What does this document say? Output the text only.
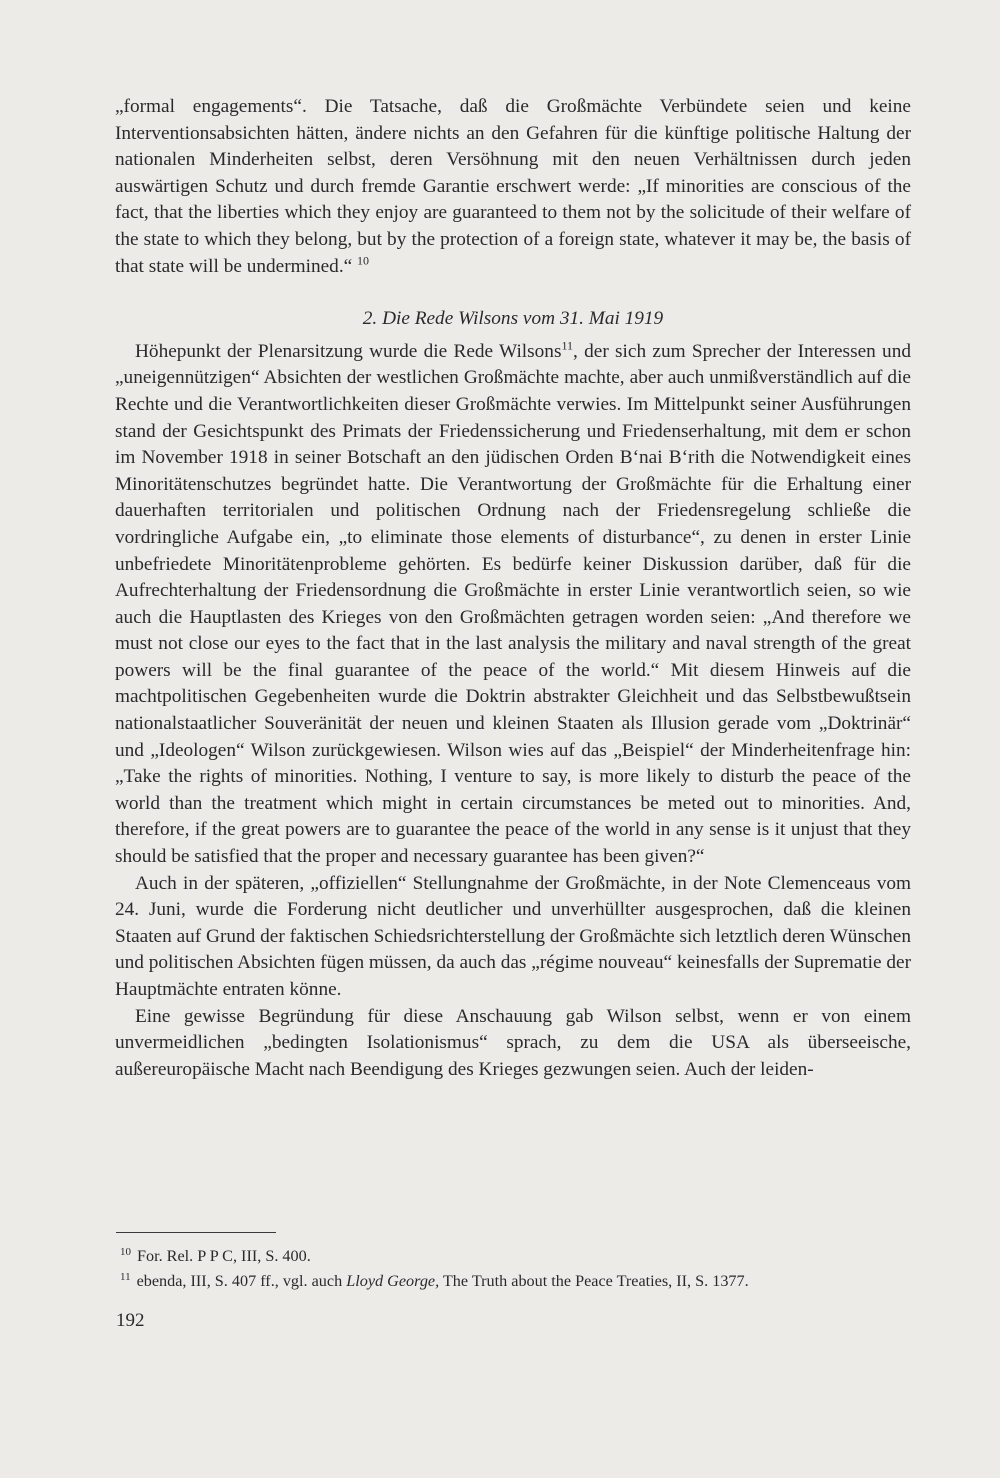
„formal engagements“. Die Tatsache, daß die Großmächte Verbündete seien und keine Interventionsabsichten hätten, ändere nichts an den Gefahren für die künftige politische Haltung der nationalen Minderheiten selbst, deren Versöhnung mit den neuen Verhältnissen durch jeden auswärtigen Schutz und durch fremde Garantie erschwert werde: „If minorities are conscious of the fact, that the liberties which they enjoy are guaranteed to them not by the solicitude of their welfare of the state to which they belong, but by the protection of a foreign state, whatever it may be, the basis of that state will be undermined.“ $^{10}$

2. Die Rede Wilsons vom 31. Mai 1919

Höhepunkt der Plenarsitzung wurde die Rede Wilsons$^{11}$, der sich zum Sprecher der Interessen und „uneigennützigen“ Absichten der westlichen Großmächte machte, aber auch unmißverständlich auf die Rechte und die Verantwortlichkeiten dieser Großmächte verwies. Im Mittelpunkt seiner Ausführungen stand der Gesichtspunkt des Primats der Friedenssicherung und Friedenserhaltung, mit dem er schon im November 1918 in seiner Botschaft an den jüdischen Orden B‘nai B‘rith die Notwendigkeit eines Minoritätenschutzes begründet hatte. Die Verantwortung der Großmächte für die Erhaltung einer dauerhaften territorialen und politischen Ordnung nach der Friedensregelung schließe die vordringliche Aufgabe ein, „to eliminate those elements of disturbance“, zu denen in erster Linie unbefriedete Minoritätenprobleme gehörten. Es bedürfe keiner Diskussion darüber, daß für die Aufrechterhaltung der Friedensordnung die Großmächte in erster Linie verantwortlich seien, so wie auch die Hauptlasten des Krieges von den Großmächten getragen worden seien: „And therefore we must not close our eyes to the fact that in the last analysis the military and naval strength of the great powers will be the final guarantee of the peace of the world.“ Mit diesem Hinweis auf die machtpolitischen Gegebenheiten wurde die Doktrin abstrakter Gleichheit und das Selbstbewußtsein nationalstaatlicher Souveränität der neuen und kleinen Staaten als Illusion gerade vom „Doktrinär“ und „Ideologen“ Wilson zurückgewiesen. Wilson wies auf das „Beispiel“ der Minderheitenfrage hin: „Take the rights of minorities. Nothing, I venture to say, is more likely to disturb the peace of the world than the treatment which might in certain circumstances be meted out to minorities. And, therefore, if the great powers are to guarantee the peace of the world in any sense is it unjust that they should be satisfied that the proper and necessary guarantee has been given?“

Auch in der späteren, „offiziellen“ Stellungnahme der Großmächte, in der Note Clemenceaus vom 24. Juni, wurde die Forderung nicht deutlicher und unverhüllter ausgesprochen, daß die kleinen Staaten auf Grund der faktischen Schiedsrichterstellung der Großmächte sich letztlich deren Wünschen und politischen Absichten fügen müssen, da auch das „régime nouveau“ keinesfalls der Suprematie der Hauptmächte entraten könne.

Eine gewisse Begründung für diese Anschauung gab Wilson selbst, wenn er von einem unvermeidlichen „bedingten Isolationismus“ sprach, zu dem die USA als überseeische, außereuropäische Macht nach Beendigung des Krieges gezwungen seien. Auch der leiden-

$^{10}$ For. Rel. P P C, III, S. 400.

$^{11}$ ebenda, III, S. 407 ff., vgl. auch Lloyd George, The Truth about the Peace Treaties, II, S. 1377.

192
